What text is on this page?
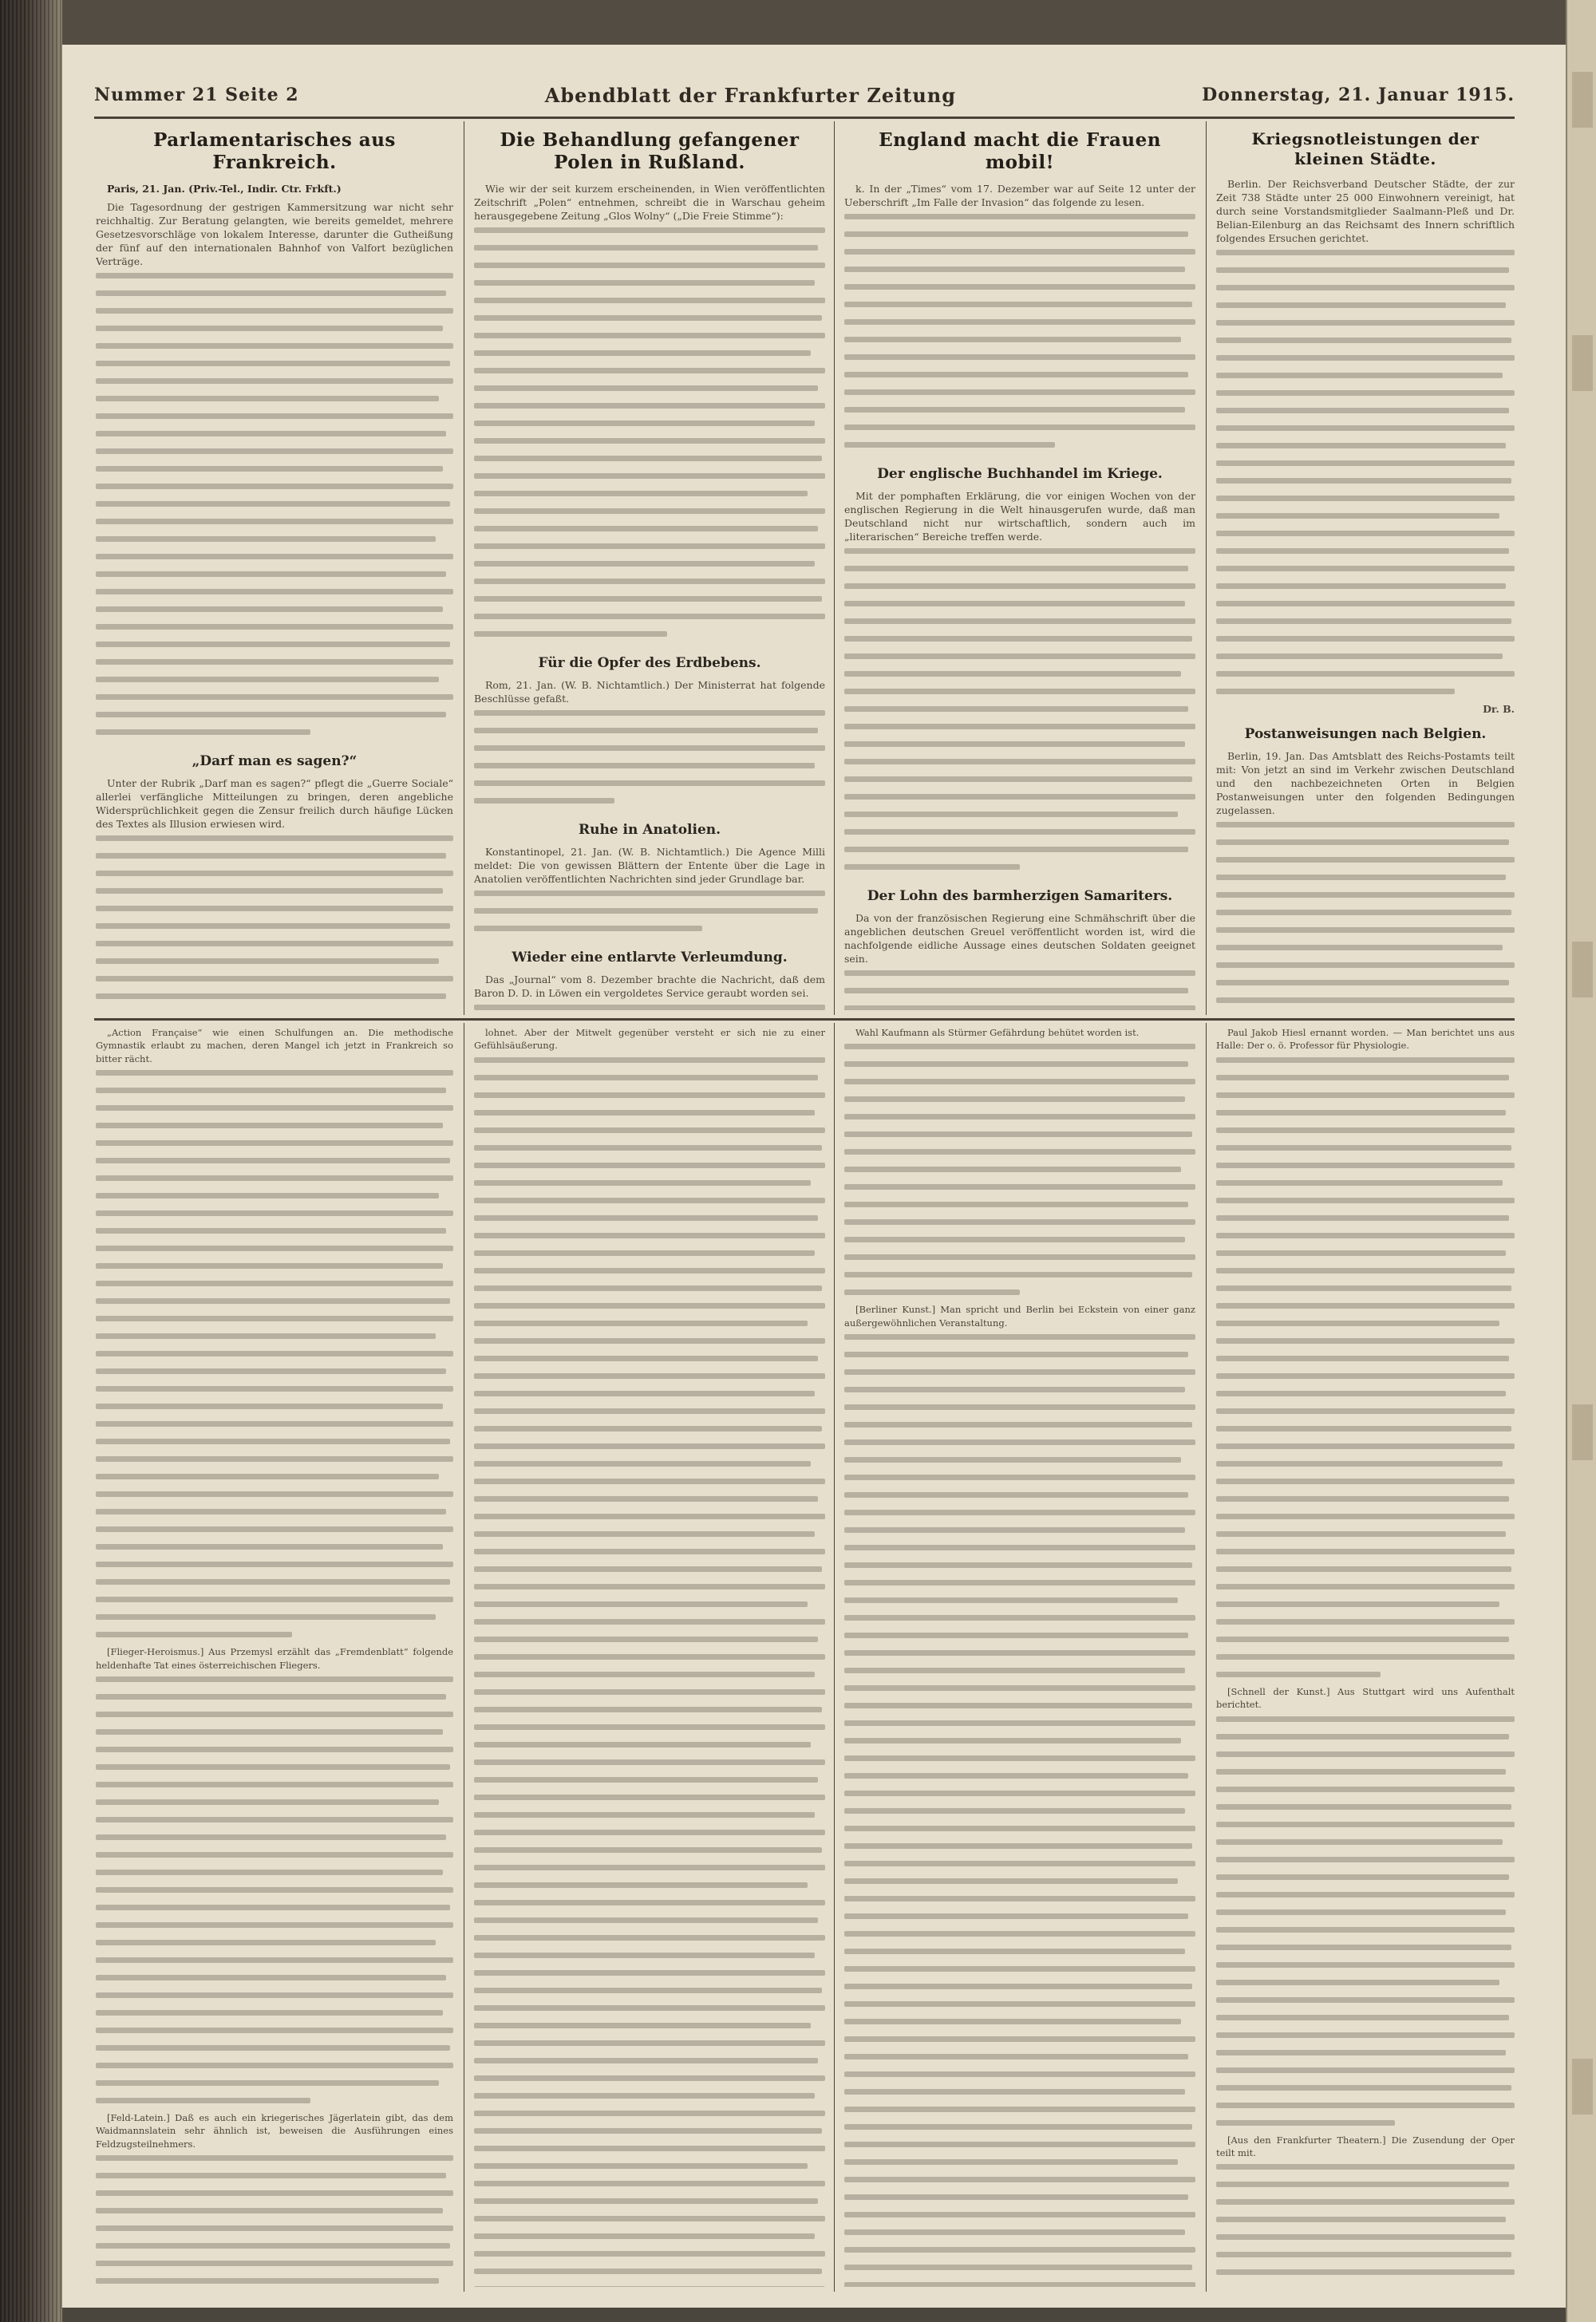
Nummer 21 Seite 2	Abendblatt der Frankfurter Zeitung	Donnerstag, 21. Januar 1915.
Parlamentarisches aus Frankreich.

Paris, 21. Jan. (Priv.-Tel., Indir. Ctr. Frkft.)

Die Tagesordnung der gestrigen Kammersitzung war nicht sehr reichhaltig. Zur Beratung gelangten, wie bereits gemeldet, mehrere Gesetzesvorschläge von lokalem Interesse, darunter die Gutheißung der fünf auf den internationalen Bahnhof von Valfort bezüglichen Verträge.

„Darf man es sagen?“

Unter der Rubrik „Darf man es sagen?“ pflegt die „Guerre Sociale“ allerlei verfängliche Mitteilungen zu bringen, deren angebliche Widersprüchlichkeit gegen die Zensur freilich durch häufige Lücken des Textes als Illusion erwiesen wird.

Die Behandlung gefangener Polen in Rußland.

Wie wir der seit kurzem erscheinenden, in Wien veröffentlichten Zeitschrift „Polen“ entnehmen, schreibt die in Warschau geheim herausgegebene Zeitung „Glos Wolny“ („Die Freie Stimme“):

Für die Opfer des Erdbebens.

Rom, 21. Jan. (W. B. Nichtamtlich.) Der Ministerrat hat folgende Beschlüsse gefaßt.

Ruhe in Anatolien.

Konstantinopel, 21. Jan. (W. B. Nichtamtlich.) Die Agence Milli meldet: Die von gewissen Blättern der Entente über die Lage in Anatolien veröffentlichten Nachrichten sind jeder Grundlage bar.

Wieder eine entlarvte Verleumdung.

Das „Journal“ vom 8. Dezember brachte die Nachricht, daß dem Baron D. D. in Löwen ein vergoldetes Service geraubt worden sei.

England macht die Frauen mobil!

k. In der „Times“ vom 17. Dezember war auf Seite 12 unter der Ueberschrift „Im Falle der Invasion“ das folgende zu lesen.

Der englische Buchhandel im Kriege.

Mit der pomphaften Erklärung, die vor einigen Wochen von der englischen Regierung in die Welt hinausgerufen wurde, daß man Deutschland nicht nur wirtschaftlich, sondern auch im „literarischen“ Bereiche treffen werde.

Der Lohn des barmherzigen Samariters.

Da von der französischen Regierung eine Schmähschrift über die angeblichen deutschen Greuel veröffentlicht worden ist, wird die nachfolgende eidliche Aussage eines deutschen Soldaten geeignet sein.

Kriegsnotleistungen der kleinen Städte.

Berlin. Der Reichsverband Deutscher Städte, der zur Zeit 738 Städte unter 25 000 Einwohnern vereinigt, hat durch seine Vorstandsmitglieder Saalmann-Pleß und Dr. Belian-Eilenburg an das Reichsamt des Innern schriftlich folgendes Ersuchen gerichtet.

Dr. B.
Postanweisungen nach Belgien.

Berlin, 19. Jan. Das Amtsblatt des Reichs-Postamts teilt mit: Von jetzt an sind im Verkehr zwischen Deutschland und den nachbezeichneten Orten in Belgien Postanweisungen unter den folgenden Bedingungen zugelassen.

„Action Française“ wie einen Schulfungen an. Die methodische Gymnastik erlaubt zu machen, deren Mangel ich jetzt in Frankreich so bitter rächt.

[Flieger-Heroismus.] Aus Przemysl erzählt das „Fremdenblatt“ folgende heldenhafte Tat eines österreichischen Fliegers.

[Feld-Latein.] Daß es auch ein kriegerisches Jägerlatein gibt, das dem Waidmannslatein sehr ähnlich ist, beweisen die Ausführungen eines Feldzugsteilnehmers.

lohnet. Aber der Mitwelt gegenüber versteht er sich nie zu einer Gefühlsäußerung.

Wahl Kaufmann als Stürmer Gefährdung behütet worden ist.

[Berliner Kunst.] Man spricht und Berlin bei Eckstein von einer ganz außergewöhnlichen Veranstaltung.

Paul Jakob Hiesl ernannt worden. — Man berichtet uns aus Halle: Der o. ö. Professor für Physiologie.

[Schnell der Kunst.] Aus Stuttgart wird uns Aufenthalt berichtet.

[Aus den Frankfurter Theatern.] Die Zusendung der Oper teilt mit.
